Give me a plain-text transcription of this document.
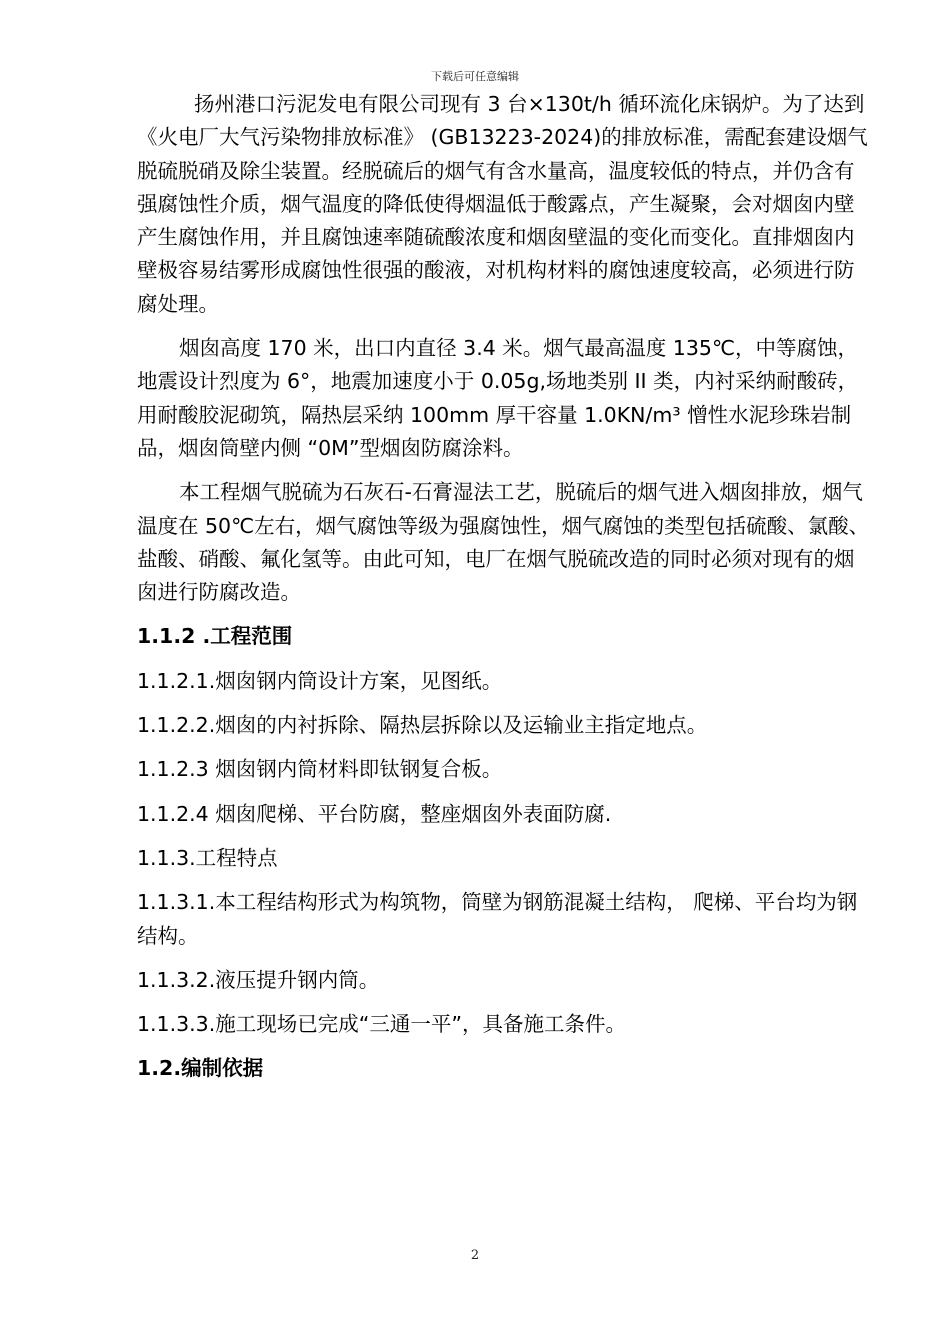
下载后可任意编辑

扬州港口污泥发电有限公司现有 3 台×130t/h 循环流化床锅炉。为了达到《火电厂大气污染物排放标准》 (GB13223-2024)的排放标准，需配套建设烟气脱硫脱硝及除尘装置。经脱硫后的烟气有含水量高，温度较低的特点，并仍含有强腐蚀性介质，烟气温度的降低使得烟温低于酸露点，产生凝聚，会对烟囱内壁产生腐蚀作用，并且腐蚀速率随硫酸浓度和烟囱壁温的变化而变化。直排烟囱内壁极容易结雾形成腐蚀性很强的酸液，对机构材料的腐蚀速度较高，必须进行防腐处理。

烟囱高度 170 米，出口内直径 3.4 米。烟气最高温度 135℃，中等腐蚀，地震设计烈度为 6°，地震加速度小于 0.05g,场地类别 II 类，内衬采纳耐酸砖，用耐酸胶泥砌筑，隔热层采纳 100mm 厚干容量 1.0KN/m³ 憎性水泥珍珠岩制品，烟囱筒壁内侧 “0M”型烟囱防腐涂料。

本工程烟气脱硫为石灰石-石膏湿法工艺，脱硫后的烟气进入烟囱排放，烟气温度在 50℃左右，烟气腐蚀等级为强腐蚀性，烟气腐蚀的类型包括硫酸、氯酸、盐酸、硝酸、氟化氢等。由此可知，电厂在烟气脱硫改造的同时必须对现有的烟囱进行防腐改造。

1.1.2 .工程范围

1.1.2.1.烟囱钢内筒设计方案，见图纸。

1.1.2.2.烟囱的内衬拆除、隔热层拆除以及运输业主指定地点。

1.1.2.3 烟囱钢内筒材料即钛钢复合板。

1.1.2.4 烟囱爬梯、平台防腐，整座烟囱外表面防腐.

1.1.3.工程特点

1.1.3.1.本工程结构形式为构筑物，筒壁为钢筋混凝土结构， 爬梯、平台均为钢结构。

1.1.3.2.液压提升钢内筒。

1.1.3.3.施工现场已完成“三通一平”，具备施工条件。

1.2.编制依据

2
